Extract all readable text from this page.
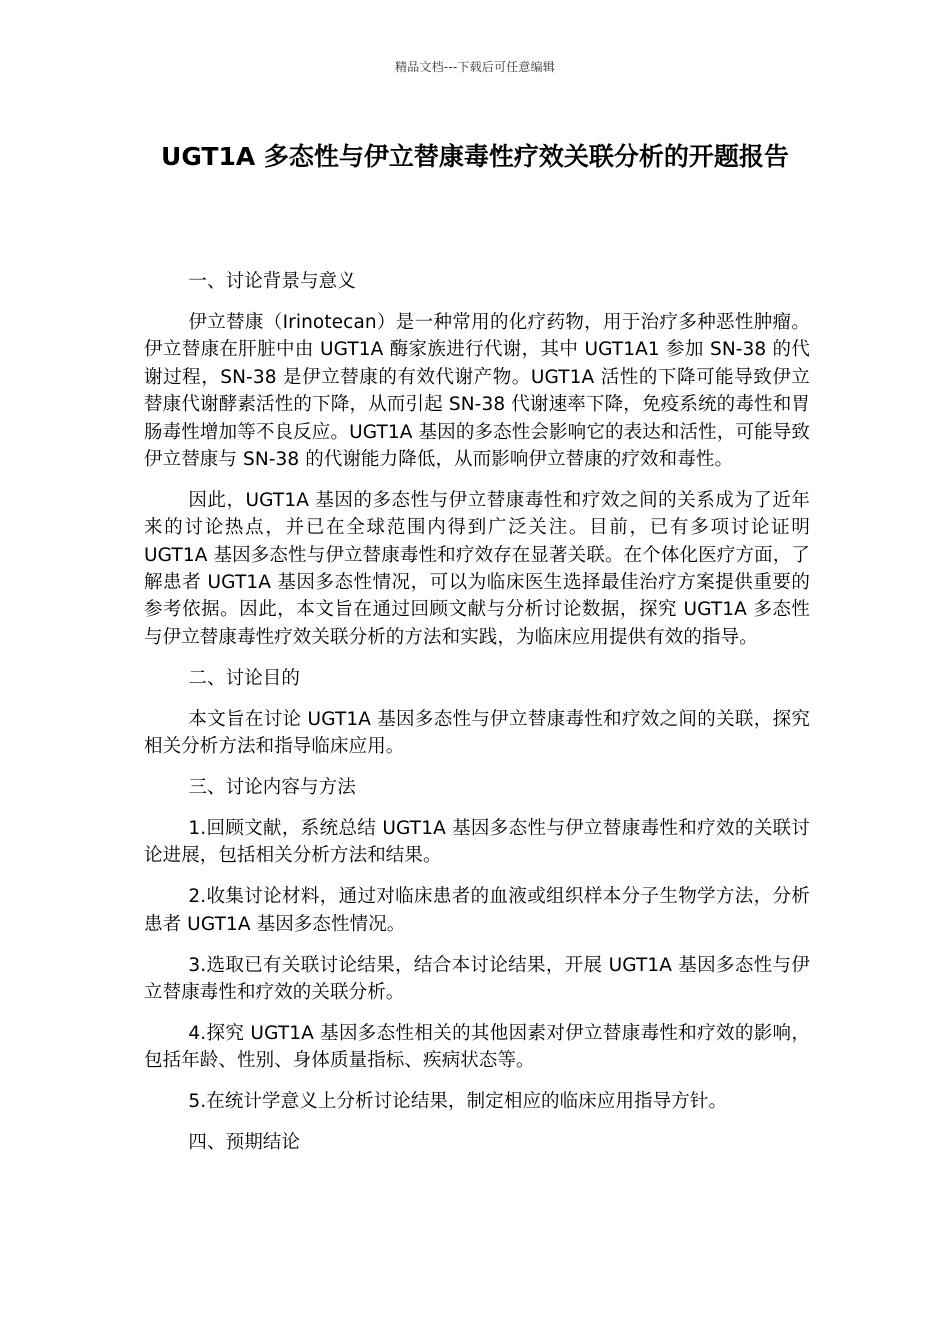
精品文档---下载后可任意编辑
UGT1A 多态性与伊立替康毒性疗效关联分析的开题报告

一、讨论背景与意义

伊立替康（Irinotecan）是一种常用的化疗药物，用于治疗多种恶性肿瘤。伊立替康在肝脏中由 UGT1A 酶家族进行代谢，其中 UGT1A1 参加 SN-38 的代谢过程，SN-38 是伊立替康的有效代谢产物。UGT1A 活性的下降可能导致伊立替康代谢酵素活性的下降，从而引起 SN-38 代谢速率下降，免疫系统的毒性和胃肠毒性增加等不良反应。UGT1A 基因的多态性会影响它的表达和活性，可能导致伊立替康与 SN-38 的代谢能力降低，从而影响伊立替康的疗效和毒性。

因此，UGT1A 基因的多态性与伊立替康毒性和疗效之间的关系成为了近年来的讨论热点，并已在全球范围内得到广泛关注。目前，已有多项讨论证明 UGT1A 基因多态性与伊立替康毒性和疗效存在显著关联。在个体化医疗方面，了解患者 UGT1A 基因多态性情况，可以为临床医生选择最佳治疗方案提供重要的参考依据。因此，本文旨在通过回顾文献与分析讨论数据，探究 UGT1A 多态性与伊立替康毒性疗效关联分析的方法和实践，为临床应用提供有效的指导。

二、讨论目的

本文旨在讨论 UGT1A 基因多态性与伊立替康毒性和疗效之间的关联，探究相关分析方法和指导临床应用。

三、讨论内容与方法

1.回顾文献，系统总结 UGT1A 基因多态性与伊立替康毒性和疗效的关联讨论进展，包括相关分析方法和结果。

2.收集讨论材料，通过对临床患者的血液或组织样本分子生物学方法，分析患者 UGT1A 基因多态性情况。

3.选取已有关联讨论结果，结合本讨论结果，开展 UGT1A 基因多态性与伊立替康毒性和疗效的关联分析。

4.探究 UGT1A 基因多态性相关的其他因素对伊立替康毒性和疗效的影响，包括年龄、性别、身体质量指标、疾病状态等。

5.在统计学意义上分析讨论结果，制定相应的临床应用指导方针。

四、预期结论
